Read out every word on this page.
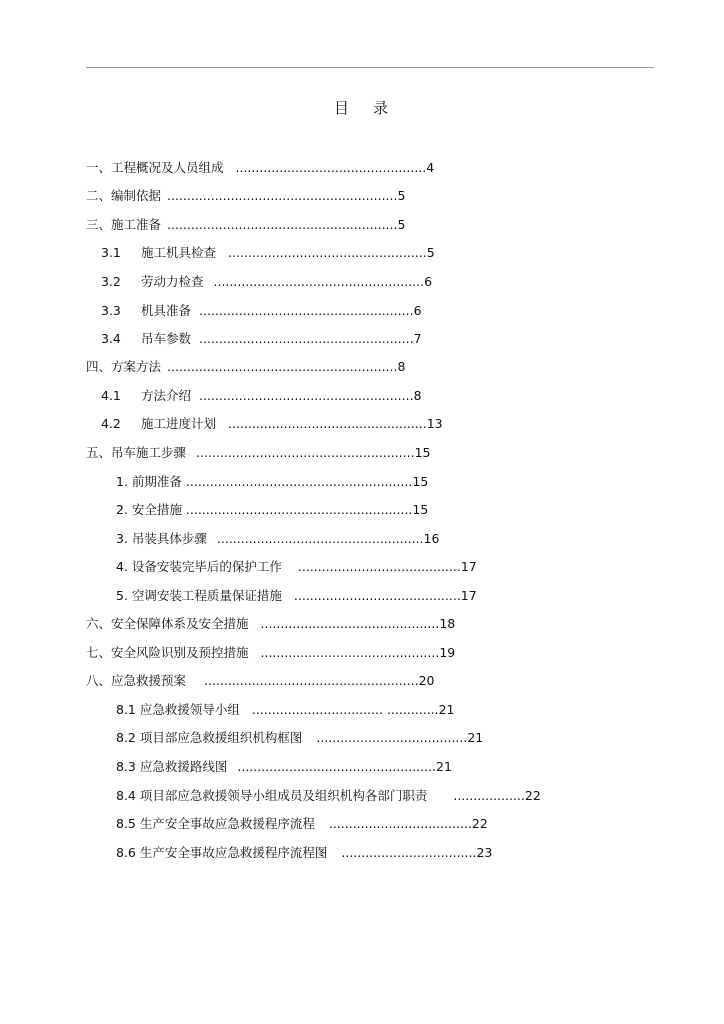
目 录
一、工程概况及人员组成 ................................................4
二、编制依据 ..........................................................5
三、施工准备 ..........................................................5
3.1 施工机具检查 ..................................................5
3.2 劳动力检查 .....................................................6
3.3 机具准备 ......................................................6
3.4 吊车参数 ......................................................7
四、方案方法 ..........................................................8
4.1 方法介绍 ......................................................8
4.2 施工进度计划 ..................................................13
五、吊车施工步骤 .......................................................15
1. 前期准备 .........................................................15
2. 安全措施 .........................................................15
3. 吊装具体步骤 ....................................................16
4. 设备安装完毕后的保护工作 .........................................17
5. 空调安装工程质量保证措施 ..........................................17
六、安全保障体系及安全措施 .............................................18
七、安全风险识别及预控措施 .............................................19
八、应急救援预案 ......................................................20
8.1 应急救援领导小组 ................................. .............21
8.2 项目部应急救援组织机构框图 ......................................21
8.3 应急救援路线图 ..................................................21
8.4 项目部应急救援领导小组成员及组织机构各部门职责 ..................22
8.5 生产安全事故应急救援程序流程 ....................................22
8.6 生产安全事故应急救援程序流程图 ..................................23
